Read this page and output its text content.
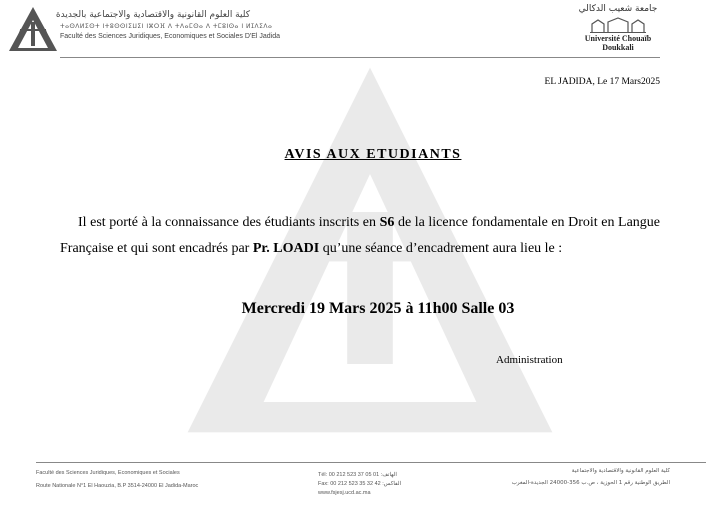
كلية العلوم القانونية والاقتصادية والاجتماعية بالجديدة
ⵜⴰⵙⴷⵍⵉⵙⵜ ⵏⵜⵓⵙⵙⵏⵉⵡⵉⵏ ⵏⵣⵔⴼ ⴷ ⵜⴷⴰⵎⵙⴰ ⴷ ⵜⵎⵓⵏⵙⴰ ⵏ ⵍⵊⴷⵉⴷⴰ
Faculté des Sciences Juridiques, Economiques et Sociales D'El Jadida
جامعة شعيب الدكالي
Université Chouaïb Doukkali
EL JADIDA, Le 17 Mars2025
AVIS AUX ETUDIANTS

Il est porté à la connaissance des étudiants inscrits en S6 de la licence fondamentale en Droit en Langue Française et qui sont encadrés par Pr. LOADI qu’une séance d’encadrement aura lieu le :

Mercredi 19 Mars 2025 à 11h00 Salle 03
Administration
Faculté des Sciences Juridiques, Economiques et Sociales
Route Nationale N°1 El Haouzia, B.P 3514-24000 El Jadida-Maroc
Tél: 00 212 523 37 05 01 :الهاتف
Fax: 00 212 523 35 32 42 :الفاكس
www.fsjesj.ucd.ac.ma
كلية العلوم القانونية والاقتصادية والاجتماعية
الطريق الوطنية رقم 1 الحوزية ، ص.ب 356-24000 الجديدة-المغرب
